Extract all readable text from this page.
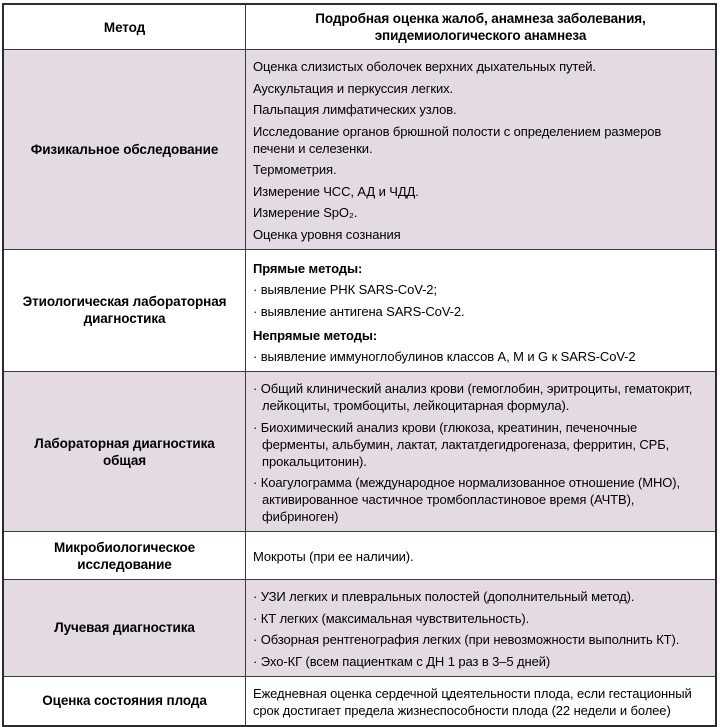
Метод
Подробная оценка жалоб, анамнеза заболевания, эпидемиологического анамнеза
Физикальное обследование
Оценка слизистых оболочек верхних дыхательных путей.
Аускультация и перкуссия легких.
Пальпация лимфатических узлов.
Исследование органов брюшной полости с определением размеров печени и селезенки.
Термометрия.
Измерение ЧСС, АД и ЧДД.
Измерение SpO₂.
Оценка уровня сознания
Этиологическая лабораторная диагностика
Прямые методы:
· выявление РНК SARS-CoV-2;
· выявление антигена SARS-CoV-2.
Непрямые методы:
· выявление иммуноглобулинов классов A, M и G к SARS-CoV-2
Лабораторная диагностика общая
· Общий клинический анализ крови (гемоглобин, эритроциты, гематокрит, лейкоциты, тромбоциты, лейкоцитарная формула).
· Биохимический анализ крови (глюкоза, креатинин, печеночные ферменты, альбумин, лактат, лактатдегидрогеназа, ферритин, СРБ, прокальцитонин).
· Коагулограмма (международное нормализованное отношение (МНО), активированное частичное тромбопластиновое время (АЧТВ), фибриноген)
Микробиологическое исследование	Мокроты (при ее наличии).
Лучевая диагностика
· УЗИ легких и плевральных полостей (дополнительный метод).
· КТ легких (максимальная чувствительность).
· Обзорная рентгенография легких (при невозможности выполнить КТ).
· Эхо-КГ (всем пациенткам с ДН 1 раз в 3–5 дней)
Оценка состояния плода	Ежедневная оценка сердечной цдеятельности плода, если гестационный срок достигает предела жизнеспособности плода (22 недели и более)
